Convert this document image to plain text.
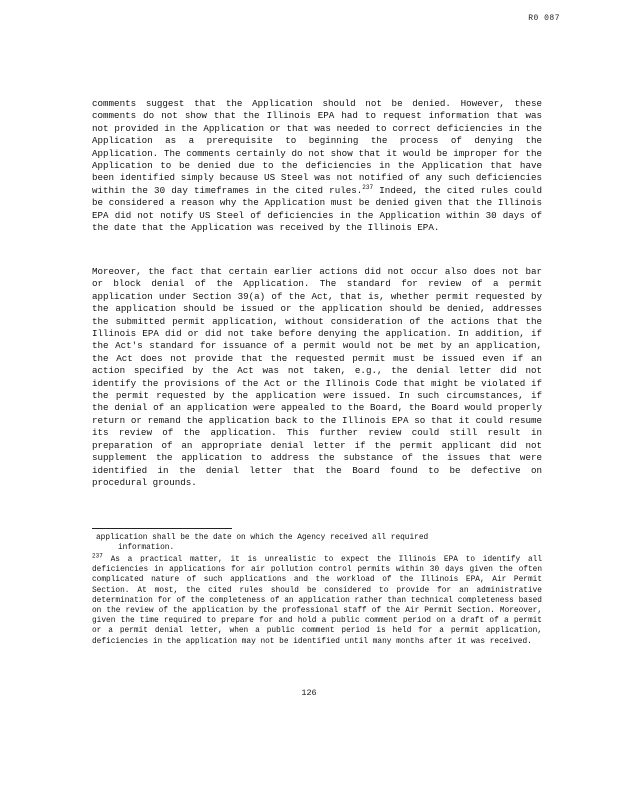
R0 087

comments suggest that the Application should not be denied. However, these comments do not show that the Illinois EPA had to request information that was not provided in the Application or that was needed to correct deficiencies in the Application as a prerequisite to beginning the process of denying the Application. The comments certainly do not show that it would be improper for the Application to be denied due to the deficiencies in the Application that have been identified simply because US Steel was not notified of any such deficiencies within the 30 day timeframes in the cited rules.$^{237}$ Indeed, the cited rules could be considered a reason why the Application must be denied given that the Illinois EPA did not notify US Steel of deficiencies in the Application within 30 days of the date that the Application was received by the Illinois EPA.

Moreover, the fact that certain earlier actions did not occur also does not bar or block denial of the Application. The standard for review of a permit application under Section 39(a) of the Act, that is, whether permit requested by the application should be issued or the application should be denied, addresses the submitted permit application, without consideration of the actions that the Illinois EPA did or did not take before denying the application. In addition, if the Act's standard for issuance of a permit would not be met by an application, the Act does not provide that the requested permit must be issued even if an action specified by the Act was not taken, e.g., the denial letter did not identify the provisions of the Act or the Illinois Code that might be violated if the permit requested by the application were issued. In such circumstances, if the denial of an application were appealed to the Board, the Board would properly return or remand the application back to the Illinois EPA so that it could resume its review of the application. This further review could still result in preparation of an appropriate denial letter if the permit applicant did not supplement the application to address the substance of the issues that were identified in the denial letter that the Board found to be defective on procedural grounds.

application shall be the date on which the Agency received all required
information.
$^{237}$ As a practical matter, it is unrealistic to expect the Illinois EPA to identify all deficiencies in applications for air pollution control permits within 30 days given the often complicated nature of such applications and the workload of the Illinois EPA, Air Permit Section. At most, the cited rules should be considered to provide for an administrative determination for of the completeness of an application rather than technical completeness based on the review of the application by the professional staff of the Air Permit Section. Moreover, given the time required to prepare for and hold a public comment period on a draft of a permit or a permit denial letter, when a public comment period is held for a permit application, deficiencies in the application may not be identified until many months after it was received.
126
